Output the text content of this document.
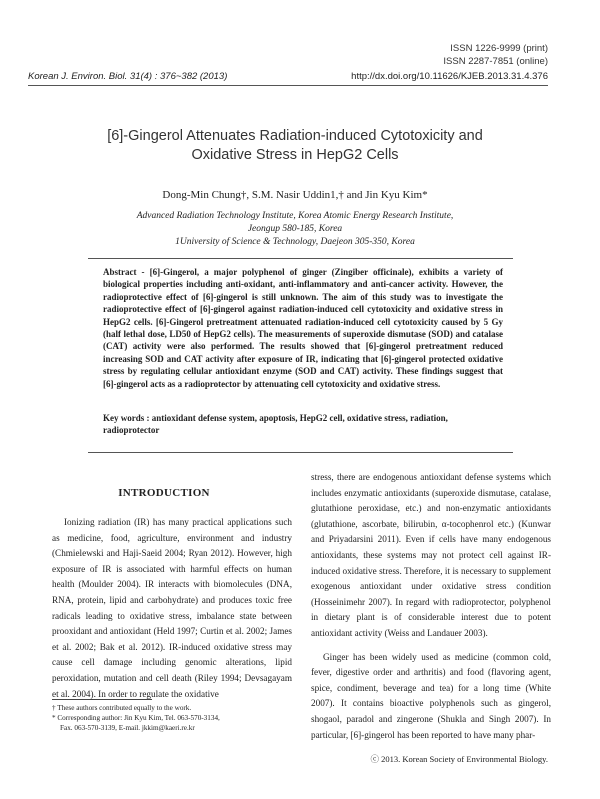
ISSN 1226-9999 (print)
ISSN 2287-7851 (online)
Korean J. Environ. Biol. 31(4) : 376~382 (2013)	http://dx.doi.org/10.11626/KJEB.2013.31.4.376
[6]-Gingerol Attenuates Radiation-induced Cytotoxicity and
Oxidative Stress in HepG2 Cells
Dong-Min Chung†, S.M. Nasir Uddin1,† and Jin Kyu Kim*
Advanced Radiation Technology Institute, Korea Atomic Energy Research Institute,
Jeongup 580-185, Korea
1University of Science & Technology, Daejeon 305-350, Korea
Abstract - [6]-Gingerol, a major polyphenol of ginger (Zingiber officinale), exhibits a variety of biological properties including anti-oxidant, anti-inflammatory and anti-cancer activity. However, the radioprotective effect of [6]-gingerol is still unknown. The aim of this study was to investigate the radioprotective effect of [6]-gingerol against radiation-induced cell cytotoxicity and oxidative stress in HepG2 cells. [6]-Gingerol pretreatment attenuated radiation-induced cell cytotoxicity caused by 5 Gy (half lethal dose, LD50 of HepG2 cells). The measurements of superoxide dismutase (SOD) and catalase (CAT) activity were also performed. The results showed that [6]-gingerol pretreatment reduced increasing SOD and CAT activity after exposure of IR, indicating that [6]-gingerol protected oxidative stress by regulating cellular antioxidant enzyme (SOD and CAT) activity. These findings suggest that [6]-gingerol acts as a radioprotector by attenuating cell cytotoxicity and oxidative stress.
Key words : antioxidant defense system, apoptosis, HepG2 cell, oxidative stress, radiation, radioprotector
INTRODUCTION

Ionizing radiation (IR) has many practical applications such as medicine, food, agriculture, environment and industry (Chmielewski and Haji-Saeid 2004; Ryan 2012). However, high exposure of IR is associated with harmful effects on human health (Moulder 2004). IR interacts with biomolecules (DNA, RNA, protein, lipid and carbohydrate) and produces toxic free radicals leading to oxidative stress, imbalance state between prooxidant and antioxidant (Held 1997; Curtin et al. 2002; James et al. 2002; Bak et al. 2012). IR-induced oxidative stress may cause cell damage including genomic alterations, lipid peroxidation, mutation and cell death (Riley 1994; Devsagayam et al. 2004). In order to regulate the oxidative

stress, there are endogenous antioxidant defense systems which includes enzymatic antioxidants (superoxide dismutase, catalase, glutathione peroxidase, etc.) and non-enzymatic antioxidants (glutathione, ascorbate, bilirubin, α-tocophenrol etc.) (Kunwar and Priyadarsini 2011). Even if cells have many endogenous antioxidants, these systems may not protect cell against IR-induced oxidative stress. Therefore, it is necessary to supplement exogenous antioxidant under oxidative stress condition (Hosseinimehr 2007). In regard with radioprotector, polyphenol in dietary plant is of considerable interest due to potent antioxidant activity (Weiss and Landauer 2003).

Ginger has been widely used as medicine (common cold, fever, digestive order and arthritis) and food (flavoring agent, spice, condiment, beverage and tea) for a long time (White 2007). It contains bioactive polyphenols such as gingerol, shogaol, paradol and zingerone (Shukla and Singh 2007). In particular, [6]-gingerol has been reported to have many phar-

† These authors contributed equally to the work.
* Corresponding author: Jin Kyu Kim, Tel. 063-570-3134,
Fax. 063-570-3139, E-mail. jkkim@kaeri.re.kr
ⓒ 2013. Korean Society of Environmental Biology.
